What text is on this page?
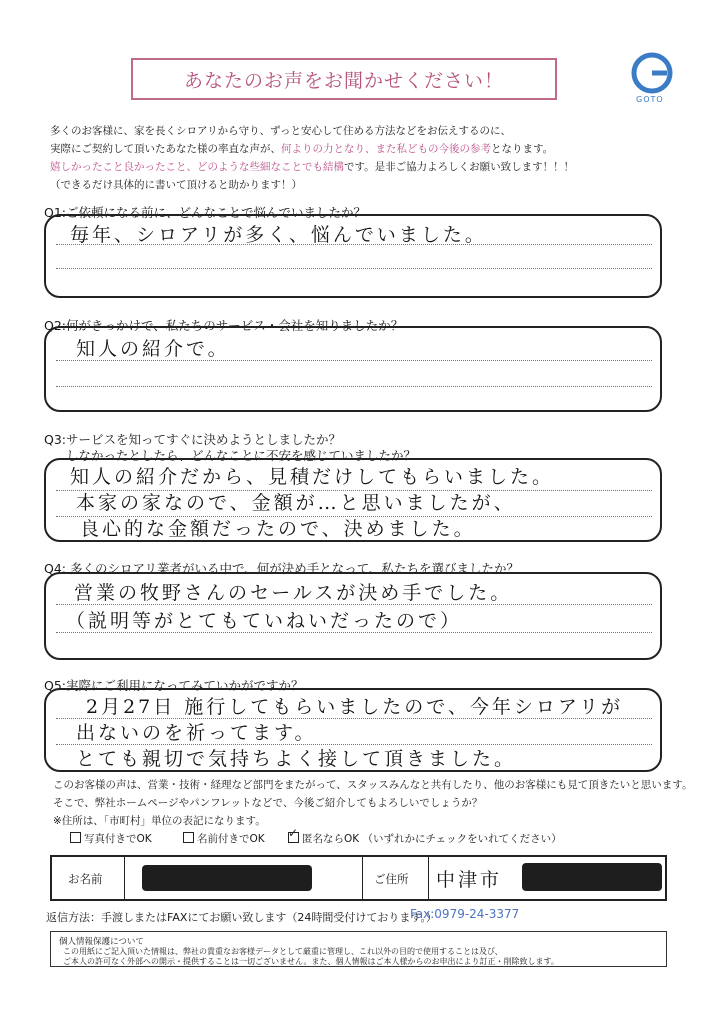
あなたのお声をお聞かせください！
GOTO
多くのお客様に、家を長くシロアリから守り、ずっと安心して住める方法などをお伝えするのに、
実際にご契約して頂いたあなた様の率直な声が、何よりの力となり、また私どもの今後の参考となります。
嬉しかったこと良かったこと、どのような些細なことでも結構です。是非ご協力よろしくお願い致します！！！
（できるだけ具体的に書いて頂けると助かります！）
Q1:ご依頼になる前に、どんなことで悩んでいましたか？
毎年、シロアリが多く、悩んでいました。
Q2:何がきっかけで、私たちのサービス・会社を知りましたか？
知人の紹介で。
Q3:サービスを知ってすぐに決めようとしましたか？
しなかったとしたら、どんなことに不安を感じていましたか？
知人の紹介だから、見積だけしてもらいました。
本家の家なので、金額が…と思いましたが、
良心的な金額だったので、決めました。
Q4: 多くのシロアリ業者がいる中で、何が決め手となって、私たちを選びましたか？
営業の牧野さんのセールスが決め手でした。
（説明等がとてもていねいだったので）
Q5:実際にご利用になってみていかがですか？
2月27日 施行してもらいましたので、今年シロアリが
出ないのを祈ってます。
とても親切で気持ちよく接して頂きました。
このお客様の声は、営業・技術・経理など部門をまたがって、スタッスみんなと共有したり、他のお客様にも見て頂きたいと思います。
そこで、弊社ホームページやパンフレットなどで、今後ご紹介してもよろしいでしょうか？
※住所は、「市町村」単位の表記になります。
写真付きでOK	名前付きでOK
✓	匿名ならOK （いずれかにチェックをいれてください）
お名前	ご住所 中津市
返信方法：手渡しまたはFAXにてお願い致します（24時間受付けております。）
Fax:0979-24-3377
個人情報保護について
この用紙にご記入頂いた情報は、弊社の貴重なお客様データとして厳重に管理し、これ以外の目的で使用することは及び、
ご本人の許可なく外部への開示・提供することは一切ございません。また、個人情報はご本人様からのお申出により訂正・削除致します。
